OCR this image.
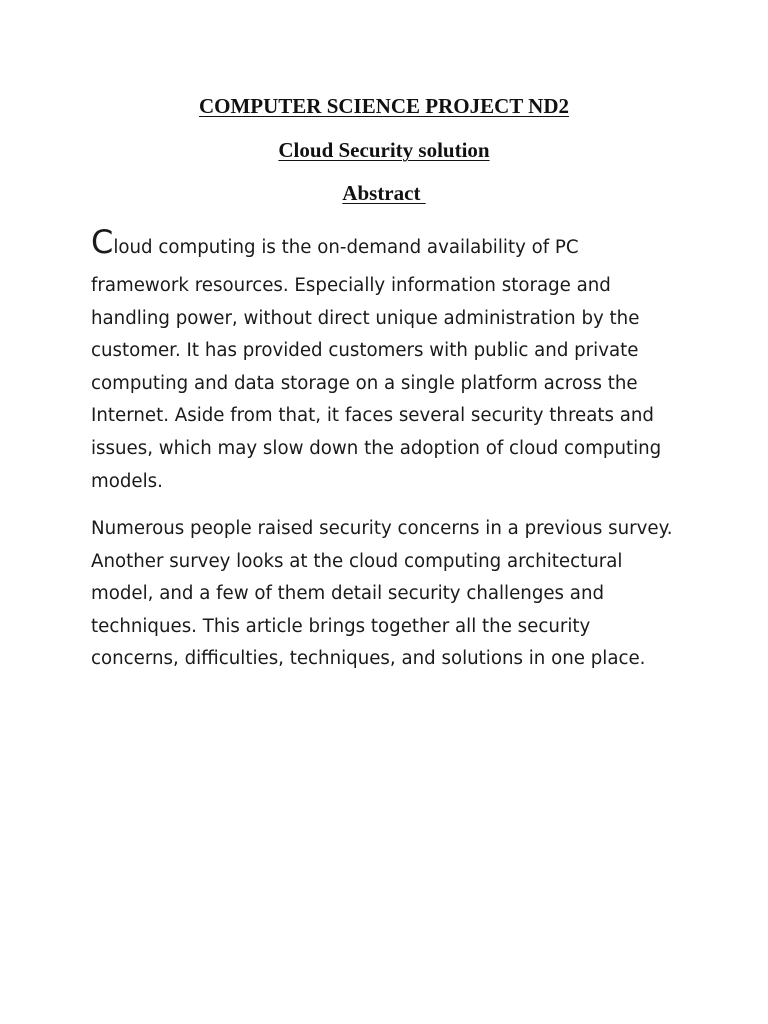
COMPUTER SCIENCE PROJECT ND2
Cloud Security solution
Abstract
Cloud computing is the on-demand availability of PC
framework resources. Especially information storage and
handling power, without direct unique administration by the
customer. It has provided customers with public and private
computing and data storage on a single platform across the
Internet. Aside from that, it faces several security threats and
issues, which may slow down the adoption of cloud computing
models.
Numerous people raised security concerns in a previous survey.
Another survey looks at the cloud computing architectural
model, and a few of them detail security challenges and
techniques. This article brings together all the security
concerns, difficulties, techniques, and solutions in one place.
